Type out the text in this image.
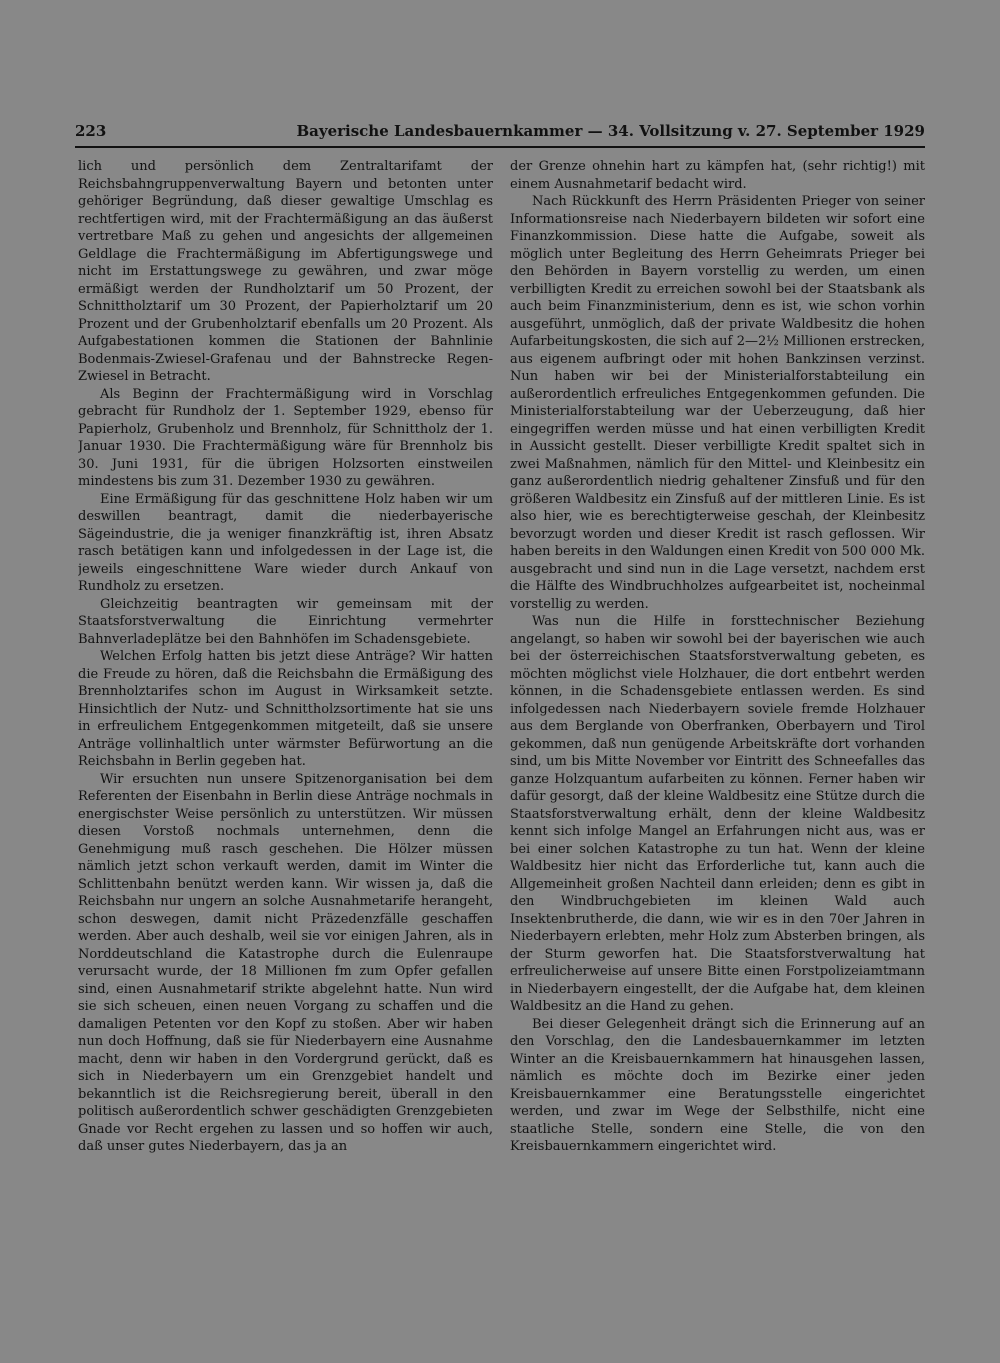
223	Bayerische Landesbauernkammer — 34. Vollsitzung v. 27. September 1929

lich und persönlich dem Zentraltarifamt der Reichsbahngruppenverwaltung Bayern und betonten unter gehöriger Begründung, daß dieser gewaltige Umschlag es rechtfertigen wird, mit der Frachtermäßigung an das äußerst vertretbare Maß zu gehen und angesichts der allgemeinen Geldlage die Frachtermäßigung im Abfertigungswege und nicht im Erstattungswege zu gewähren, und zwar möge ermäßigt werden der Rundholztarif um 50 Prozent, der Schnittholztarif um 30 Prozent, der Papierholztarif um 20 Prozent und der Grubenholztarif ebenfalls um 20 Prozent. Als Aufgabestationen kommen die Stationen der Bahnlinie Bodenmais-Zwiesel-Grafenau und der Bahnstrecke Regen-Zwiesel in Betracht.

Als Beginn der Frachtermäßigung wird in Vorschlag gebracht für Rundholz der 1. September 1929, ebenso für Papierholz, Grubenholz und Brennholz, für Schnittholz der 1. Januar 1930. Die Frachtermäßigung wäre für Brennholz bis 30. Juni 1931, für die übrigen Holzsorten einstweilen mindestens bis zum 31. Dezember 1930 zu gewähren.

Eine Ermäßigung für das geschnittene Holz haben wir um deswillen beantragt, damit die niederbayerische Sägeindustrie, die ja weniger finanzkräftig ist, ihren Absatz rasch betätigen kann und infolgedessen in der Lage ist, die jeweils eingeschnittene Ware wieder durch Ankauf von Rundholz zu ersetzen.

Gleichzeitig beantragten wir gemeinsam mit der Staatsforstverwaltung die Einrichtung vermehrter Bahnverladeplätze bei den Bahnhöfen im Schadensgebiete.

Welchen Erfolg hatten bis jetzt diese Anträge? Wir hatten die Freude zu hören, daß die Reichsbahn die Ermäßigung des Brennholztarifes schon im August in Wirksamkeit setzte. Hinsichtlich der Nutz- und Schnittholzsortimente hat sie uns in erfreulichem Entgegenkommen mitgeteilt, daß sie unsere Anträge vollinhaltlich unter wärmster Befürwortung an die Reichsbahn in Berlin gegeben hat.

Wir ersuchten nun unsere Spitzenorganisation bei dem Referenten der Eisenbahn in Berlin diese Anträge nochmals in energischster Weise persönlich zu unterstützen. Wir müssen diesen Vorstoß nochmals unternehmen, denn die Genehmigung muß rasch geschehen. Die Hölzer müssen nämlich jetzt schon verkauft werden, damit im Winter die Schlittenbahn benützt werden kann. Wir wissen ja, daß die Reichsbahn nur ungern an solche Ausnahmetarife herangeht, schon deswegen, damit nicht Präzedenzfälle geschaffen werden. Aber auch deshalb, weil sie vor einigen Jahren, als in Norddeutschland die Katastrophe durch die Eulenraupe verursacht wurde, der 18 Millionen fm zum Opfer gefallen sind, einen Ausnahmetarif strikte abgelehnt hatte. Nun wird sie sich scheuen, einen neuen Vorgang zu schaffen und die damaligen Petenten vor den Kopf zu stoßen. Aber wir haben nun doch Hoffnung, daß sie für Niederbayern eine Ausnahme macht, denn wir haben in den Vordergrund gerückt, daß es sich in Niederbayern um ein Grenzgebiet handelt und bekanntlich ist die Reichsregierung bereit, überall in den politisch außerordentlich schwer geschädigten Grenzgebieten Gnade vor Recht ergehen zu lassen und so hoffen wir auch, daß unser gutes Niederbayern, das ja an

der Grenze ohnehin hart zu kämpfen hat, (sehr richtig!) mit einem Ausnahmetarif bedacht wird.

Nach Rückkunft des Herrn Präsidenten Prieger von seiner Informationsreise nach Niederbayern bildeten wir sofort eine Finanzkommission. Diese hatte die Aufgabe, soweit als möglich unter Begleitung des Herrn Geheimrats Prieger bei den Behörden in Bayern vorstellig zu werden, um einen verbilligten Kredit zu erreichen sowohl bei der Staatsbank als auch beim Finanzministerium, denn es ist, wie schon vorhin ausgeführt, unmöglich, daß der private Waldbesitz die hohen Aufarbeitungskosten, die sich auf 2—2½ Millionen erstrecken, aus eigenem aufbringt oder mit hohen Bankzinsen verzinst. Nun haben wir bei der Ministerialforstabteilung ein außerordentlich erfreuliches Entgegenkommen gefunden. Die Ministerialforstabteilung war der Ueberzeugung, daß hier eingegriffen werden müsse und hat einen verbilligten Kredit in Aussicht gestellt. Dieser verbilligte Kredit spaltet sich in zwei Maßnahmen, nämlich für den Mittel- und Kleinbesitz ein ganz außerordentlich niedrig gehaltener Zinsfuß und für den größeren Waldbesitz ein Zinsfuß auf der mittleren Linie. Es ist also hier, wie es berechtigterweise geschah, der Kleinbesitz bevorzugt worden und dieser Kredit ist rasch geflossen. Wir haben bereits in den Waldungen einen Kredit von 500 000 Mk. ausgebracht und sind nun in die Lage versetzt, nachdem erst die Hälfte des Windbruchholzes aufgearbeitet ist, nocheinmal vorstellig zu werden.

Was nun die Hilfe in forsttechnischer Beziehung angelangt, so haben wir sowohl bei der bayerischen wie auch bei der österreichischen Staatsforstverwaltung gebeten, es möchten möglichst viele Holzhauer, die dort entbehrt werden können, in die Schadensgebiete entlassen werden. Es sind infolgedessen nach Niederbayern soviele fremde Holzhauer aus dem Berglande von Oberfranken, Oberbayern und Tirol gekommen, daß nun genügende Arbeitskräfte dort vorhanden sind, um bis Mitte November vor Eintritt des Schneefalles das ganze Holzquantum aufarbeiten zu können. Ferner haben wir dafür gesorgt, daß der kleine Waldbesitz eine Stütze durch die Staatsforstverwaltung erhält, denn der kleine Waldbesitz kennt sich infolge Mangel an Erfahrungen nicht aus, was er bei einer solchen Katastrophe zu tun hat. Wenn der kleine Waldbesitz hier nicht das Erforderliche tut, kann auch die Allgemeinheit großen Nachteil dann erleiden; denn es gibt in den Windbruchgebieten im kleinen Wald auch Insektenbrutherde, die dann, wie wir es in den 70er Jahren in Niederbayern erlebten, mehr Holz zum Absterben bringen, als der Sturm geworfen hat. Die Staatsforstverwaltung hat erfreulicherweise auf unsere Bitte einen Forstpolizeiamtmann in Niederbayern eingestellt, der die Aufgabe hat, dem kleinen Waldbesitz an die Hand zu gehen.

Bei dieser Gelegenheit drängt sich die Erinnerung auf an den Vorschlag, den die Landesbauernkammer im letzten Winter an die Kreisbauernkammern hat hinausgehen lassen, nämlich es möchte doch im Bezirke einer jeden Kreisbauernkammer eine Beratungsstelle eingerichtet werden, und zwar im Wege der Selbsthilfe, nicht eine staatliche Stelle, sondern eine Stelle, die von den Kreisbauernkammern eingerichtet wird.
